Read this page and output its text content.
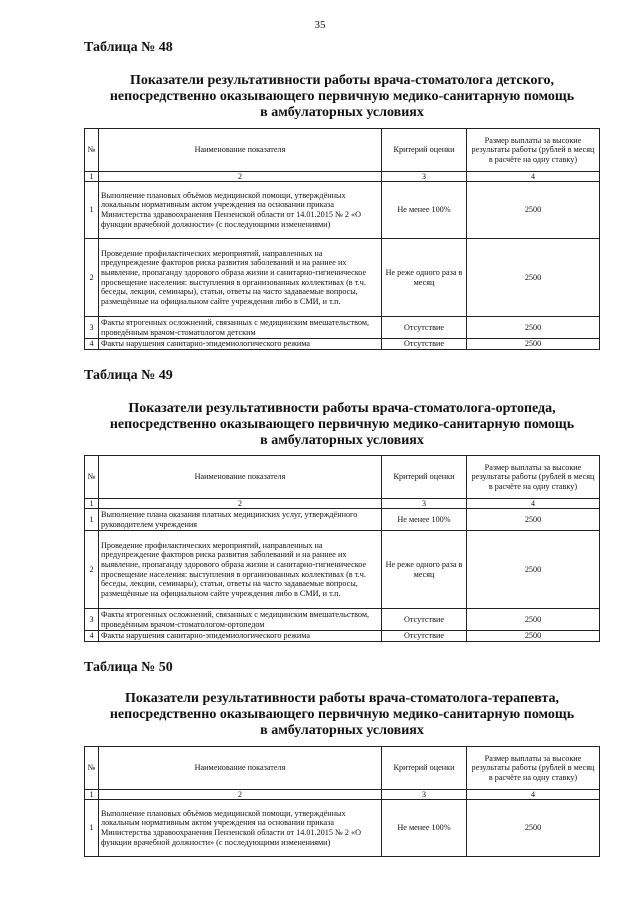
35
Таблица № 48
Показатели результативности работы врача-стоматолога детского,
непосредственно оказывающего первичную медико-санитарную помощь
в амбулаторных условиях
№	Наименование показателя	Критерий оценки	Размер выплаты за высокие результаты работы (рублей в месяц в расчёте на одну ставку)
1	2	3	4
1	Выполнение плановых объёмов медицинской помощи, утверждённых локальным нормативным актом учреждения на основании приказа Министерства здравоохранения Пензенской области от 14.01.2015 № 2 «О функции врачебной должности» (с последующими изменениями)	Не менее 100%	2500
2	Проведение профилактических мероприятий, направленных на предупреждение факторов риска развития заболеваний и на раннее их выявление, пропаганду здорового образа жизни и санитарно-гигиеническое просвещение населения: выступления в организованных коллективах (в т.ч. беседы, лекции, семинары), статьи, ответы на часто задаваемые вопросы, размещённые на официальном сайте учреждения либо в СМИ, и т.п.	Не реже одного раза в месяц	2500
3	Факты ятрогенных осложнений, связанных с медицинским вмешательством, проведённым врачом-стоматологом детским	Отсутствие	2500
4	Факты нарушения санитарно-эпидемиологического режима	Отсутствие	2500
Таблица № 49
Показатели результативности работы врача-стоматолога-ортопеда,
непосредственно оказывающего первичную медико-санитарную помощь
в амбулаторных условиях
№	Наименование показателя	Критерий оценки	Размер выплаты за высокие результаты работы (рублей в месяц в расчёте на одну ставку)
1	2	3	4
1	Выполнение плана оказания платных медицинских услуг, утверждённого руководителем учреждения	Не менее 100%	2500
2	Проведение профилактических мероприятий, направленных на предупреждение факторов риска развития заболеваний и на раннее их выявление, пропаганду здорового образа жизни и санитарно-гигиеническое просвещение населения: выступления в организованных коллективах (в т.ч. беседы, лекции, семинары), статьи, ответы на часто задаваемые вопросы, размещённые на официальном сайте учреждения либо в СМИ, и т.п.	Не реже одного раза в месяц	2500
3	Факты ятрогенных осложнений, связанных с медицинским вмешательством, проведённым врачом-стоматологом-ортопедом	Отсутствие	2500
4	Факты нарушения санитарно-эпидемиологического режима	Отсутствие	2500
Таблица № 50
Показатели результативности работы врача-стоматолога-терапевта,
непосредственно оказывающего первичную медико-санитарную помощь
в амбулаторных условиях
№	Наименование показателя	Критерий оценки	Размер выплаты за высокие результаты работы (рублей в месяц в расчёте на одну ставку)
1	2	3	4
1	Выполнение плановых объёмов медицинской помощи, утверждённых локальным нормативным актом учреждения на основании приказа Министерства здравоохранения Пензенской области от 14.01.2015 № 2 «О функции врачебной должности» (с последующими изменениями)	Не менее 100%	2500
